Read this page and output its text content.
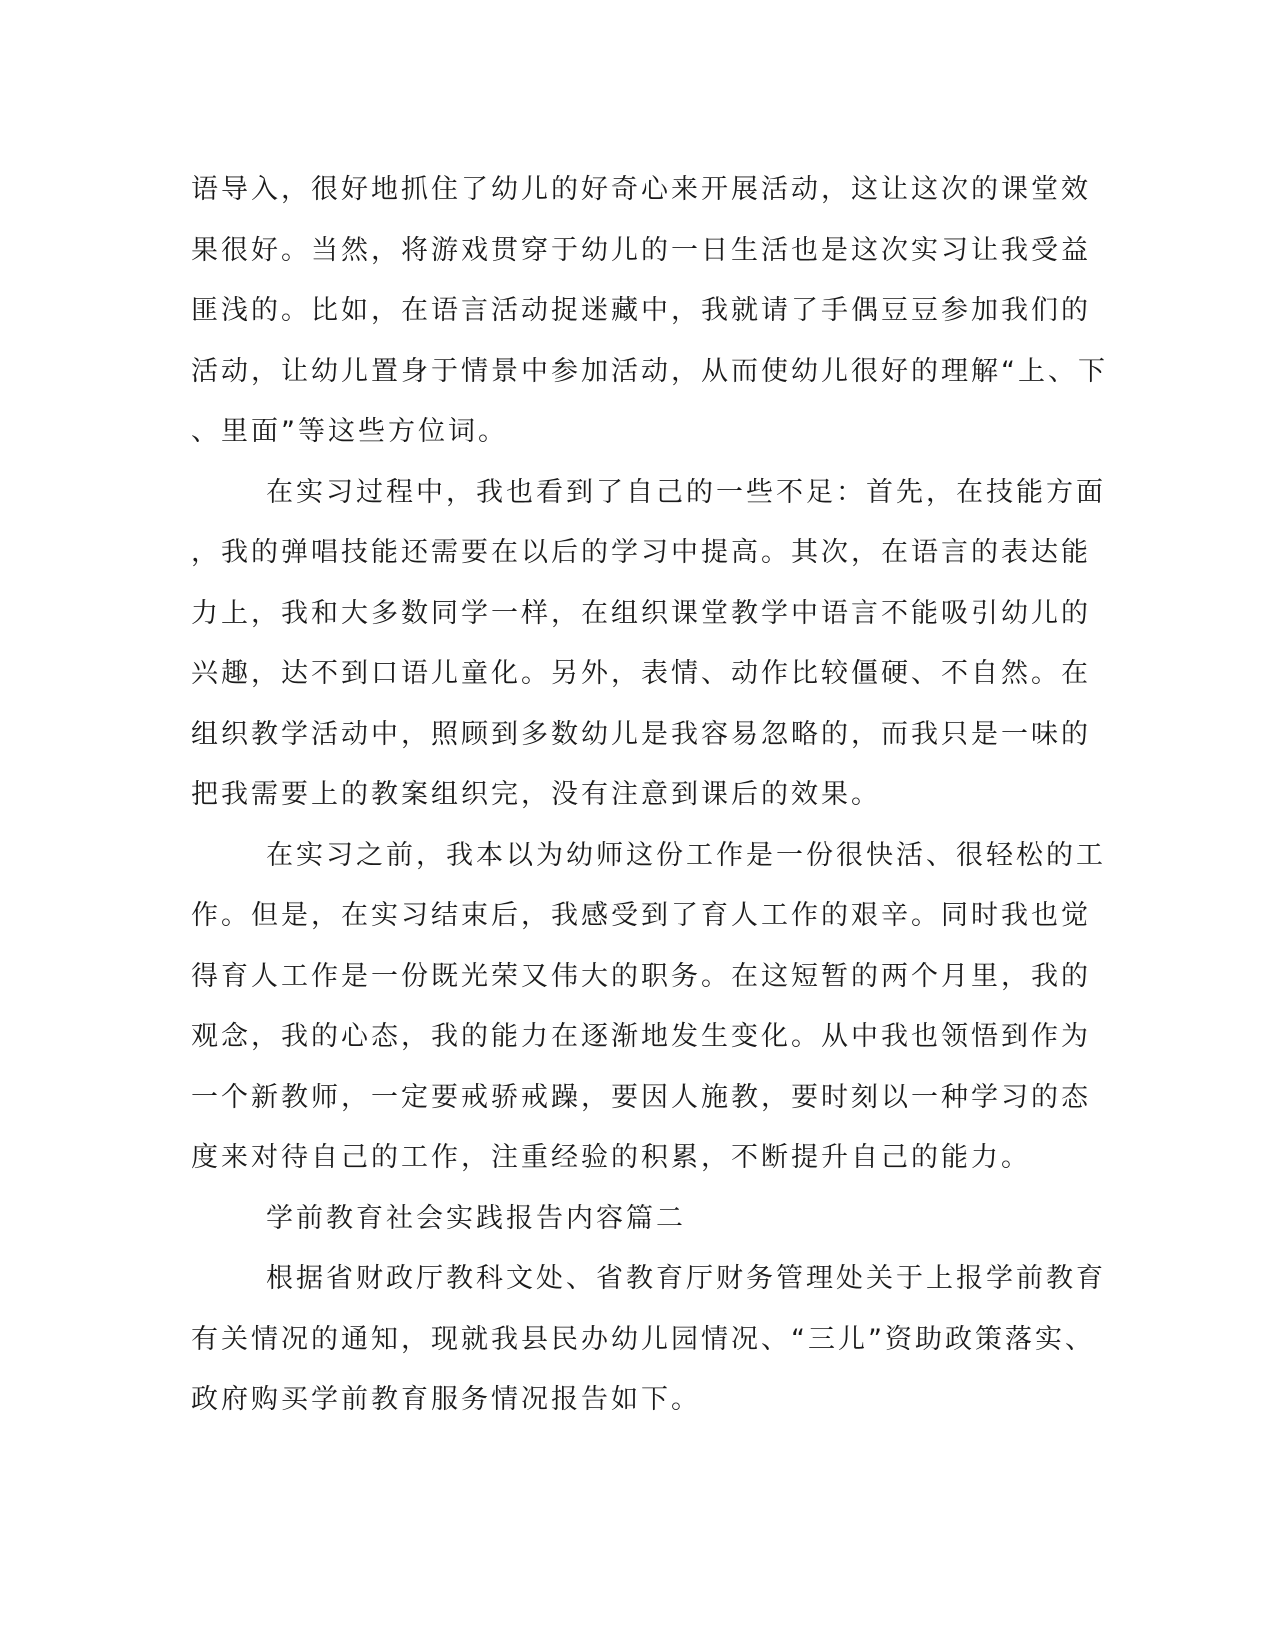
语导入，很好地抓住了幼儿的好奇心来开展活动，这让这次的课堂效
果很好。当然，将游戏贯穿于幼儿的一日生活也是这次实习让我受益
匪浅的。比如，在语言活动捉迷藏中，我就请了手偶豆豆参加我们的
活动，让幼儿置身于情景中参加活动，从而使幼儿很好的理解“上、下
、里面”等这些方位词。
在实习过程中，我也看到了自己的一些不足：首先，在技能方面
，我的弹唱技能还需要在以后的学习中提高。其次，在语言的表达能
力上，我和大多数同学一样，在组织课堂教学中语言不能吸引幼儿的
兴趣，达不到口语儿童化。另外，表情、动作比较僵硬、不自然。在
组织教学活动中，照顾到多数幼儿是我容易忽略的，而我只是一味的
把我需要上的教案组织完，没有注意到课后的效果。
在实习之前，我本以为幼师这份工作是一份很快活、很轻松的工
作。但是，在实习结束后，我感受到了育人工作的艰辛。同时我也觉
得育人工作是一份既光荣又伟大的职务。在这短暂的两个月里，我的
观念，我的心态，我的能力在逐渐地发生变化。从中我也领悟到作为
一个新教师，一定要戒骄戒躁，要因人施教，要时刻以一种学习的态
度来对待自己的工作，注重经验的积累，不断提升自己的能力。
学前教育社会实践报告内容篇二
根据省财政厅教科文处、省教育厅财务管理处关于上报学前教育
有关情况的通知，现就我县民办幼儿园情况、“三儿”资助政策落实、
政府购买学前教育服务情况报告如下。
